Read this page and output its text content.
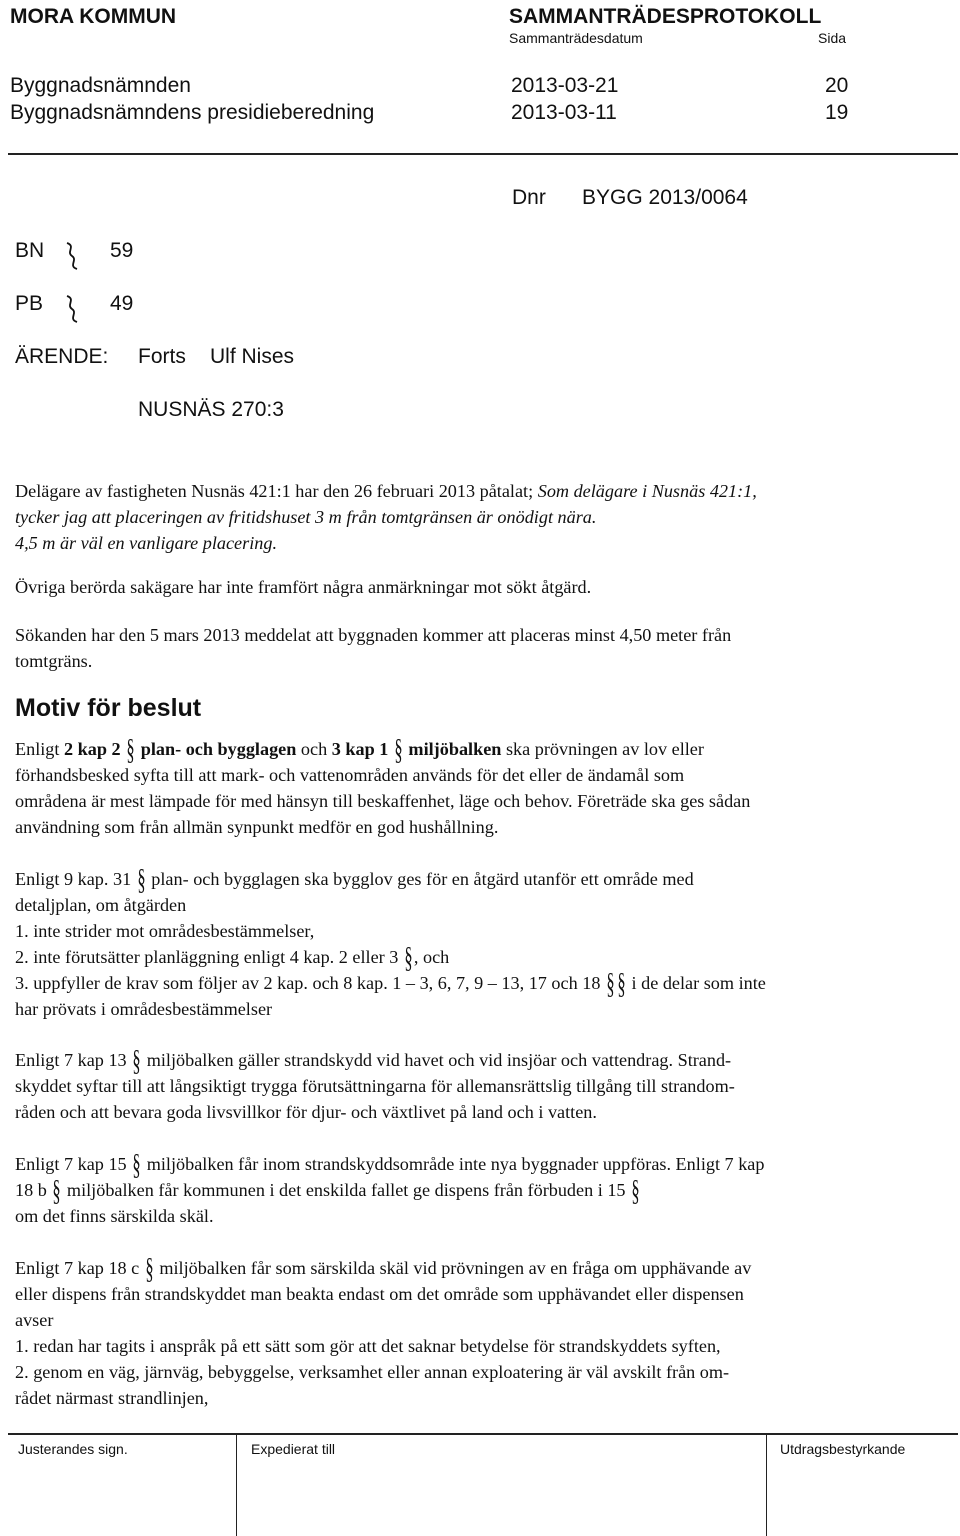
MORA KOMMUN	SAMMANTRÄDESPROTOKOLL
Sammanträdesdatum	Sida
Byggnadsnämnden	2013-03-21	20
Byggnadsnämndens presidieberedning	2013-03-11	19
Dnr BYGG 2013/0064
BN	59
PB	49
ÄRENDE: Forts Ulf Nises
NUSNÄS 270:3
Delägare av fastigheten Nusnäs 421:1 har den 26 februari 2013 påtalat; Som delägare i Nusnäs 421:1,
tycker jag att placeringen av fritidshuset 3 m från tomtgränsen är onödigt nära.
4,5 m är väl en vanligare placering.
Övriga berörda sakägare har inte framfört några anmärkningar mot sökt åtgärd.
Sökanden har den 5 mars 2013 meddelat att byggnaden kommer att placeras minst 4,50 meter från
tomtgräns.
Motiv för beslut
Enligt 2 kap 2 § plan- och bygglagen och 3 kap 1 § miljöbalken ska prövningen av lov eller
förhandsbesked syfta till att mark- och vattenområden används för det eller de ändamål som
områdena är mest lämpade för med hänsyn till beskaffenhet, läge och behov. Företräde ska ges sådan
användning som från allmän synpunkt medför en god hushållning.
Enligt 9 kap. 31 § plan- och bygglagen ska bygglov ges för en åtgärd utanför ett område med
detaljplan, om åtgärden
1. inte strider mot områdesbestämmelser,
2. inte förutsätter planläggning enligt 4 kap. 2 eller 3 §, och
3. uppfyller de krav som följer av 2 kap. och 8 kap. 1 – 3, 6, 7, 9 – 13, 17 och 18 §§ i de delar som inte
har prövats i områdesbestämmelser
Enligt 7 kap 13 § miljöbalken gäller strandskydd vid havet och vid insjöar och vattendrag. Strand-
skyddet syftar till att långsiktigt trygga förutsättningarna för allemansrättslig tillgång till strandom-
råden och att bevara goda livsvillkor för djur- och växtlivet på land och i vatten.
Enligt 7 kap 15 § miljöbalken får inom strandskyddsområde inte nya byggnader uppföras. Enligt 7 kap
18 b § miljöbalken får kommunen i det enskilda fallet ge dispens från förbuden i 15 §
om det finns särskilda skäl.
Enligt 7 kap 18 c § miljöbalken får som särskilda skäl vid prövningen av en fråga om upphävande av
eller dispens från strandskyddet man beakta endast om det område som upphävandet eller dispensen
avser
1. redan har tagits i anspråk på ett sätt som gör att det saknar betydelse för strandskyddets syften,
2. genom en väg, järnväg, bebyggelse, verksamhet eller annan exploatering är väl avskilt från om-
rådet närmast strandlinjen,
Justerandes sign.	Expedierat till	Utdragsbestyrkande
